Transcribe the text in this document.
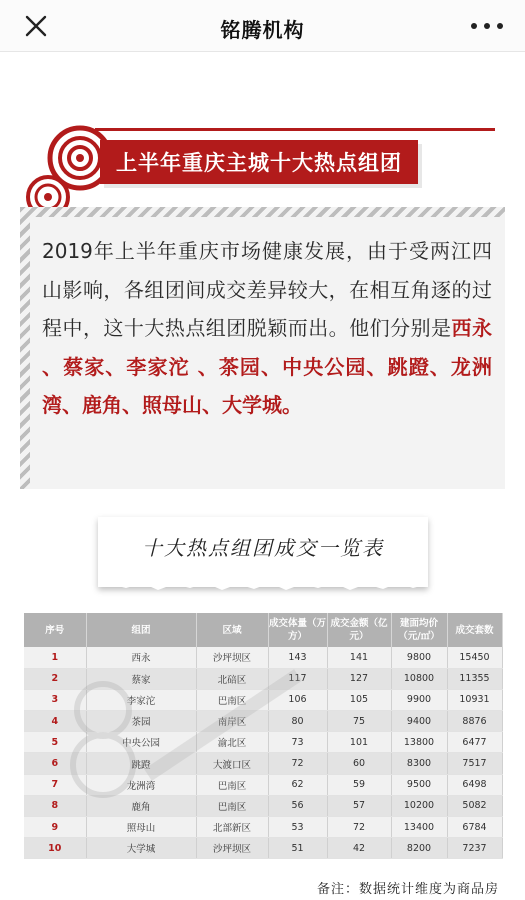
铭腾机构
上半年重庆主城十大热点组团

2019年上半年重庆市场健康发展，由于受两江四山影响，各组团间成交差异较大，在相互角逐的过程中，这十大热点组团脱颖而出。他们分别是西永 、蔡家、李家沱 、茶园、中央公园、跳蹬、龙洲湾、鹿角、照母山、大学城。

十大热点组团成交一览表
序号	组团	区域	成交体量（万方）	成交金额（亿元）	建面均价（元/㎡）	成交套数
1	西永	沙坪坝区	143	141	9800	15450
2	蔡家	北碚区	117	127	10800	11355
3	李家沱	巴南区	106	105	9900	10931
4	茶园	南岸区	80	75	9400	8876
5	中央公园	渝北区	73	101	13800	6477
6	跳蹬	大渡口区	72	60	8300	7517
7	龙洲湾	巴南区	62	59	9500	6498
8	鹿角	巴南区	56	57	10200	5082
9	照母山	北部新区	53	72	13400	6784
10	大学城	沙坪坝区	51	42	8200	7237
备注：数据统计维度为商品房
